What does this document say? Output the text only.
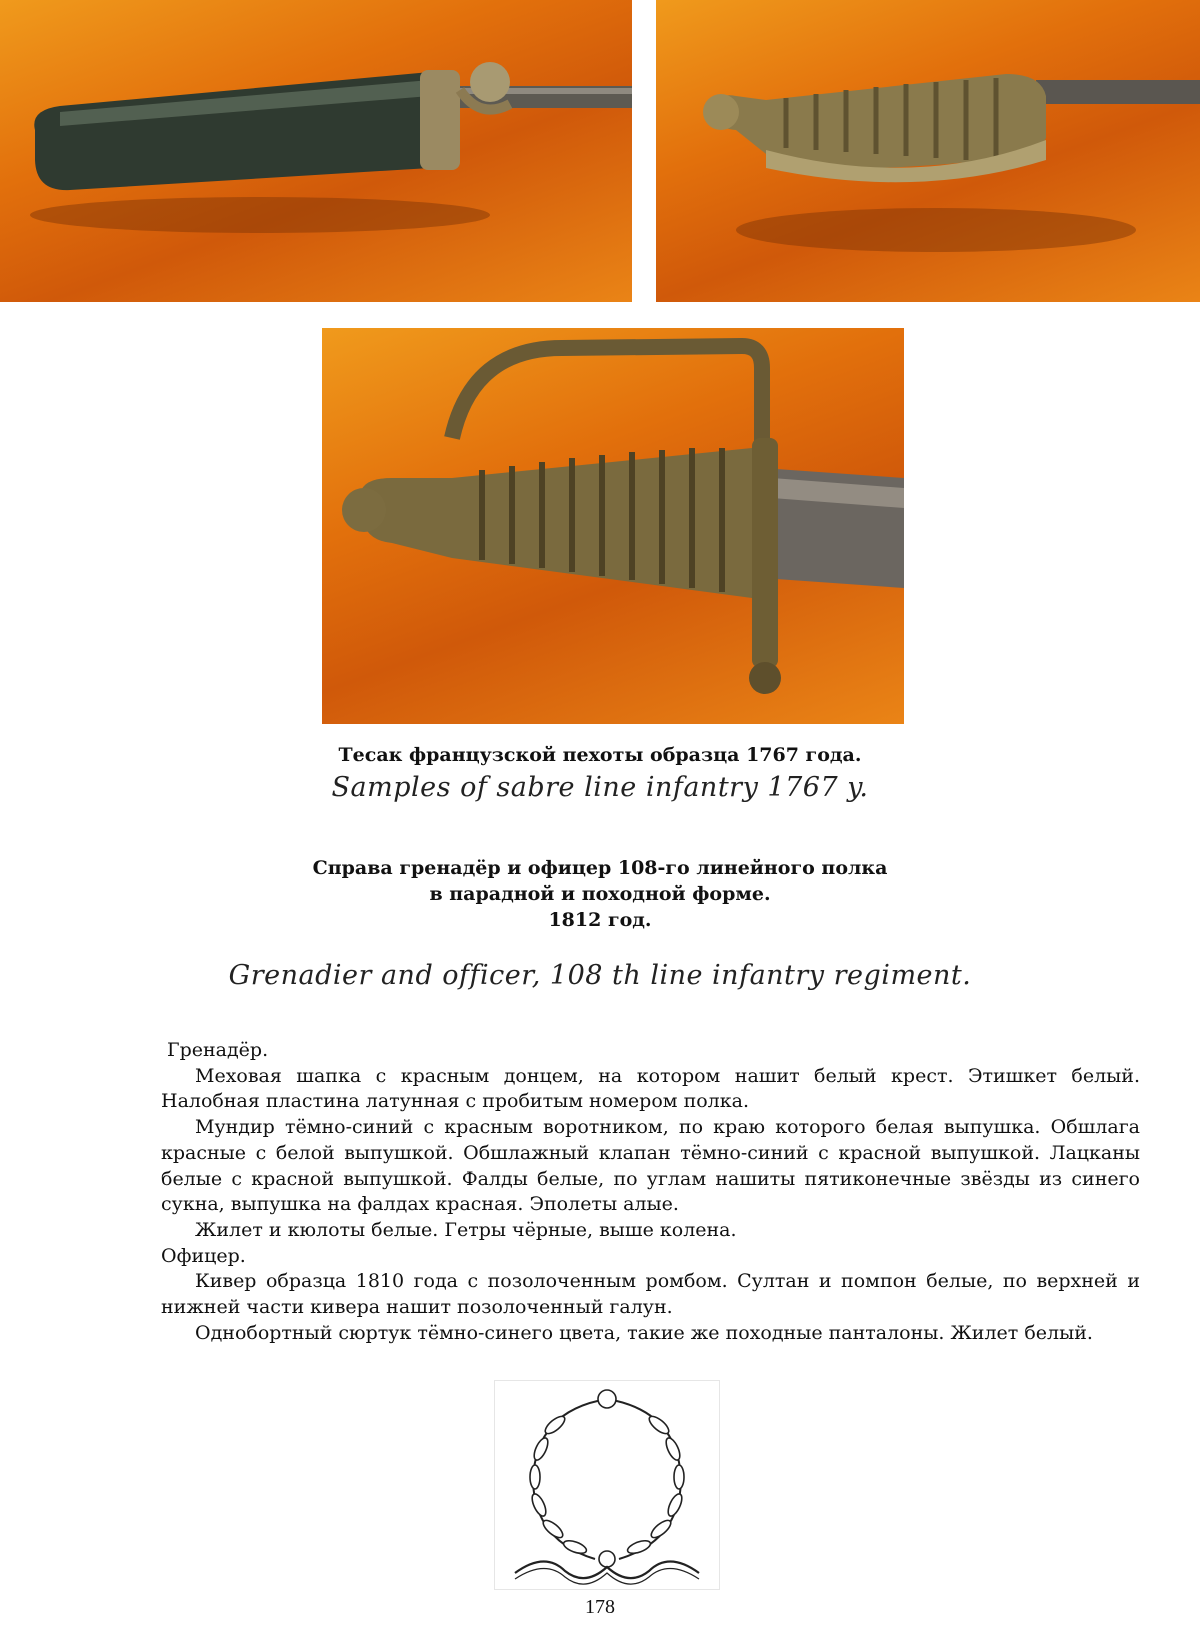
Тесак французской пехоты образца 1767 года.
Samples of sabre line infantry 1767 y.
Справа гренадёр и офицер 108-го линейного полка
в парадной и походной форме.
1812 год.
Grenadier and officer, 108 th line infantry regiment.

Гренадёр.

Меховая шапка с красным донцем, на котором нашит белый крест. Этишкет белый. Налобная пластина латунная с пробитым номером полка.

Мундир тёмно-синий с красным воротником, по краю которого белая выпушка. Обшлага красные с белой выпушкой. Обшлажный клапан тёмно-синий с красной выпушкой. Лацканы белые с красной выпушкой. Фалды белые, по углам нашиты пятиконечные звёзды из синего сукна, выпушка на фалдах красная. Эполеты алые.

Жилет и кюлоты белые. Гетры чёрные, выше колена.

Офицер.

Кивер образца 1810 года с позолоченным ромбом. Султан и помпон белые, по верхней и нижней части кивера нашит позолоченный галун.

Однобортный сюртук тёмно-синего цвета, такие же походные панталоны. Жилет белый.

178
